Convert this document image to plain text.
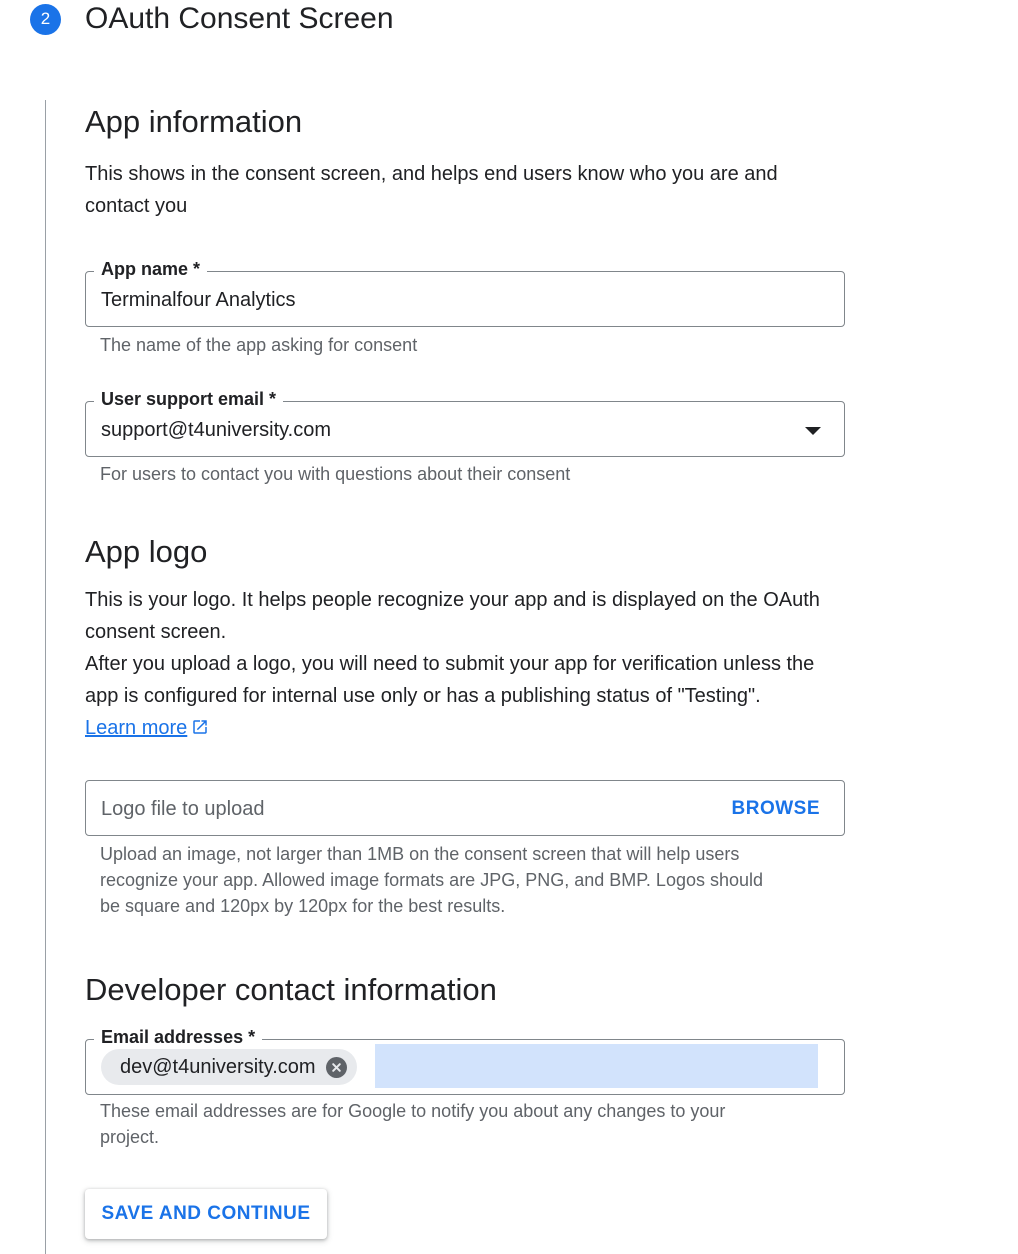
2	OAuth Consent Screen
App information
This shows in the consent screen, and helps end users know who you are and
contact you
App name *
Terminalfour Analytics
The name of the app asking for consent
User support email *
support@t4university.com
For users to contact you with questions about their consent
App logo
This is your logo. It helps people recognize your app and is displayed on the OAuth
consent screen.
After you upload a logo, you will need to submit your app for verification unless the
app is configured for internal use only or has a publishing status of "Testing".
Learn more
Logo file to upload	BROWSE
Upload an image, not larger than 1MB on the consent screen that will help users
recognize your app. Allowed image formats are JPG, PNG, and BMP. Logos should
be square and 120px by 120px for the best results.
Developer contact information
Email addresses *
dev@t4university.com
These email addresses are for Google to notify you about any changes to your
project.
SAVE AND CONTINUE
